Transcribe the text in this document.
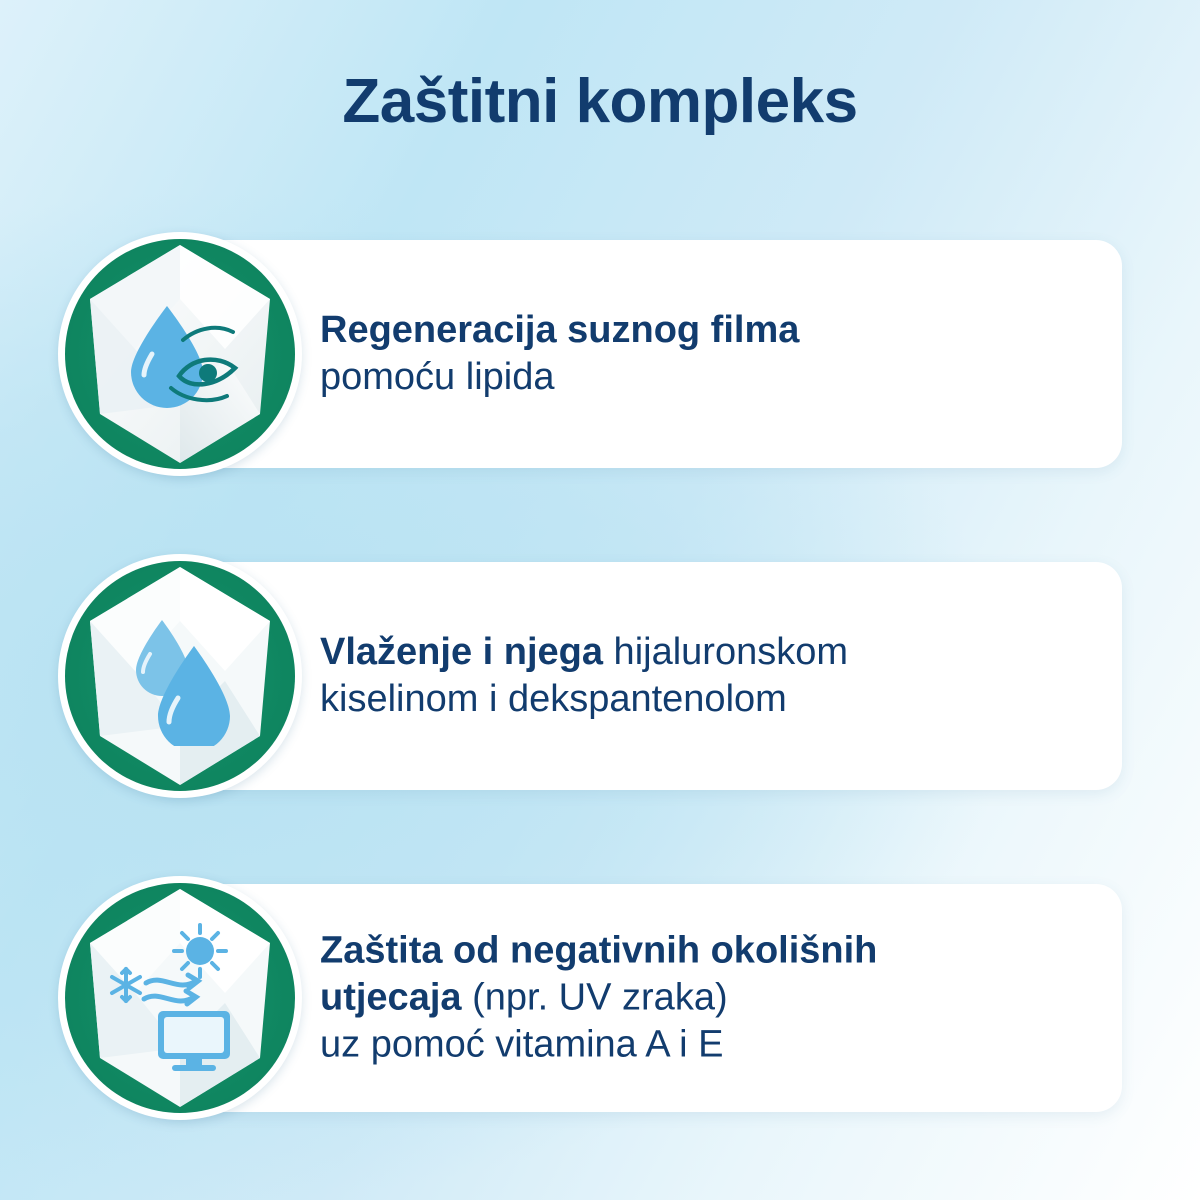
Zaštitni kompleks
Regeneracija suznog filma
pomoću lipida
Vlaženje i njega hijaluronskom
kiselinom i dekspantenolom
Zaštita od negativnih okolišnih
utjecaja (npr. UV zraka)
uz pomoć vitamina A i E
